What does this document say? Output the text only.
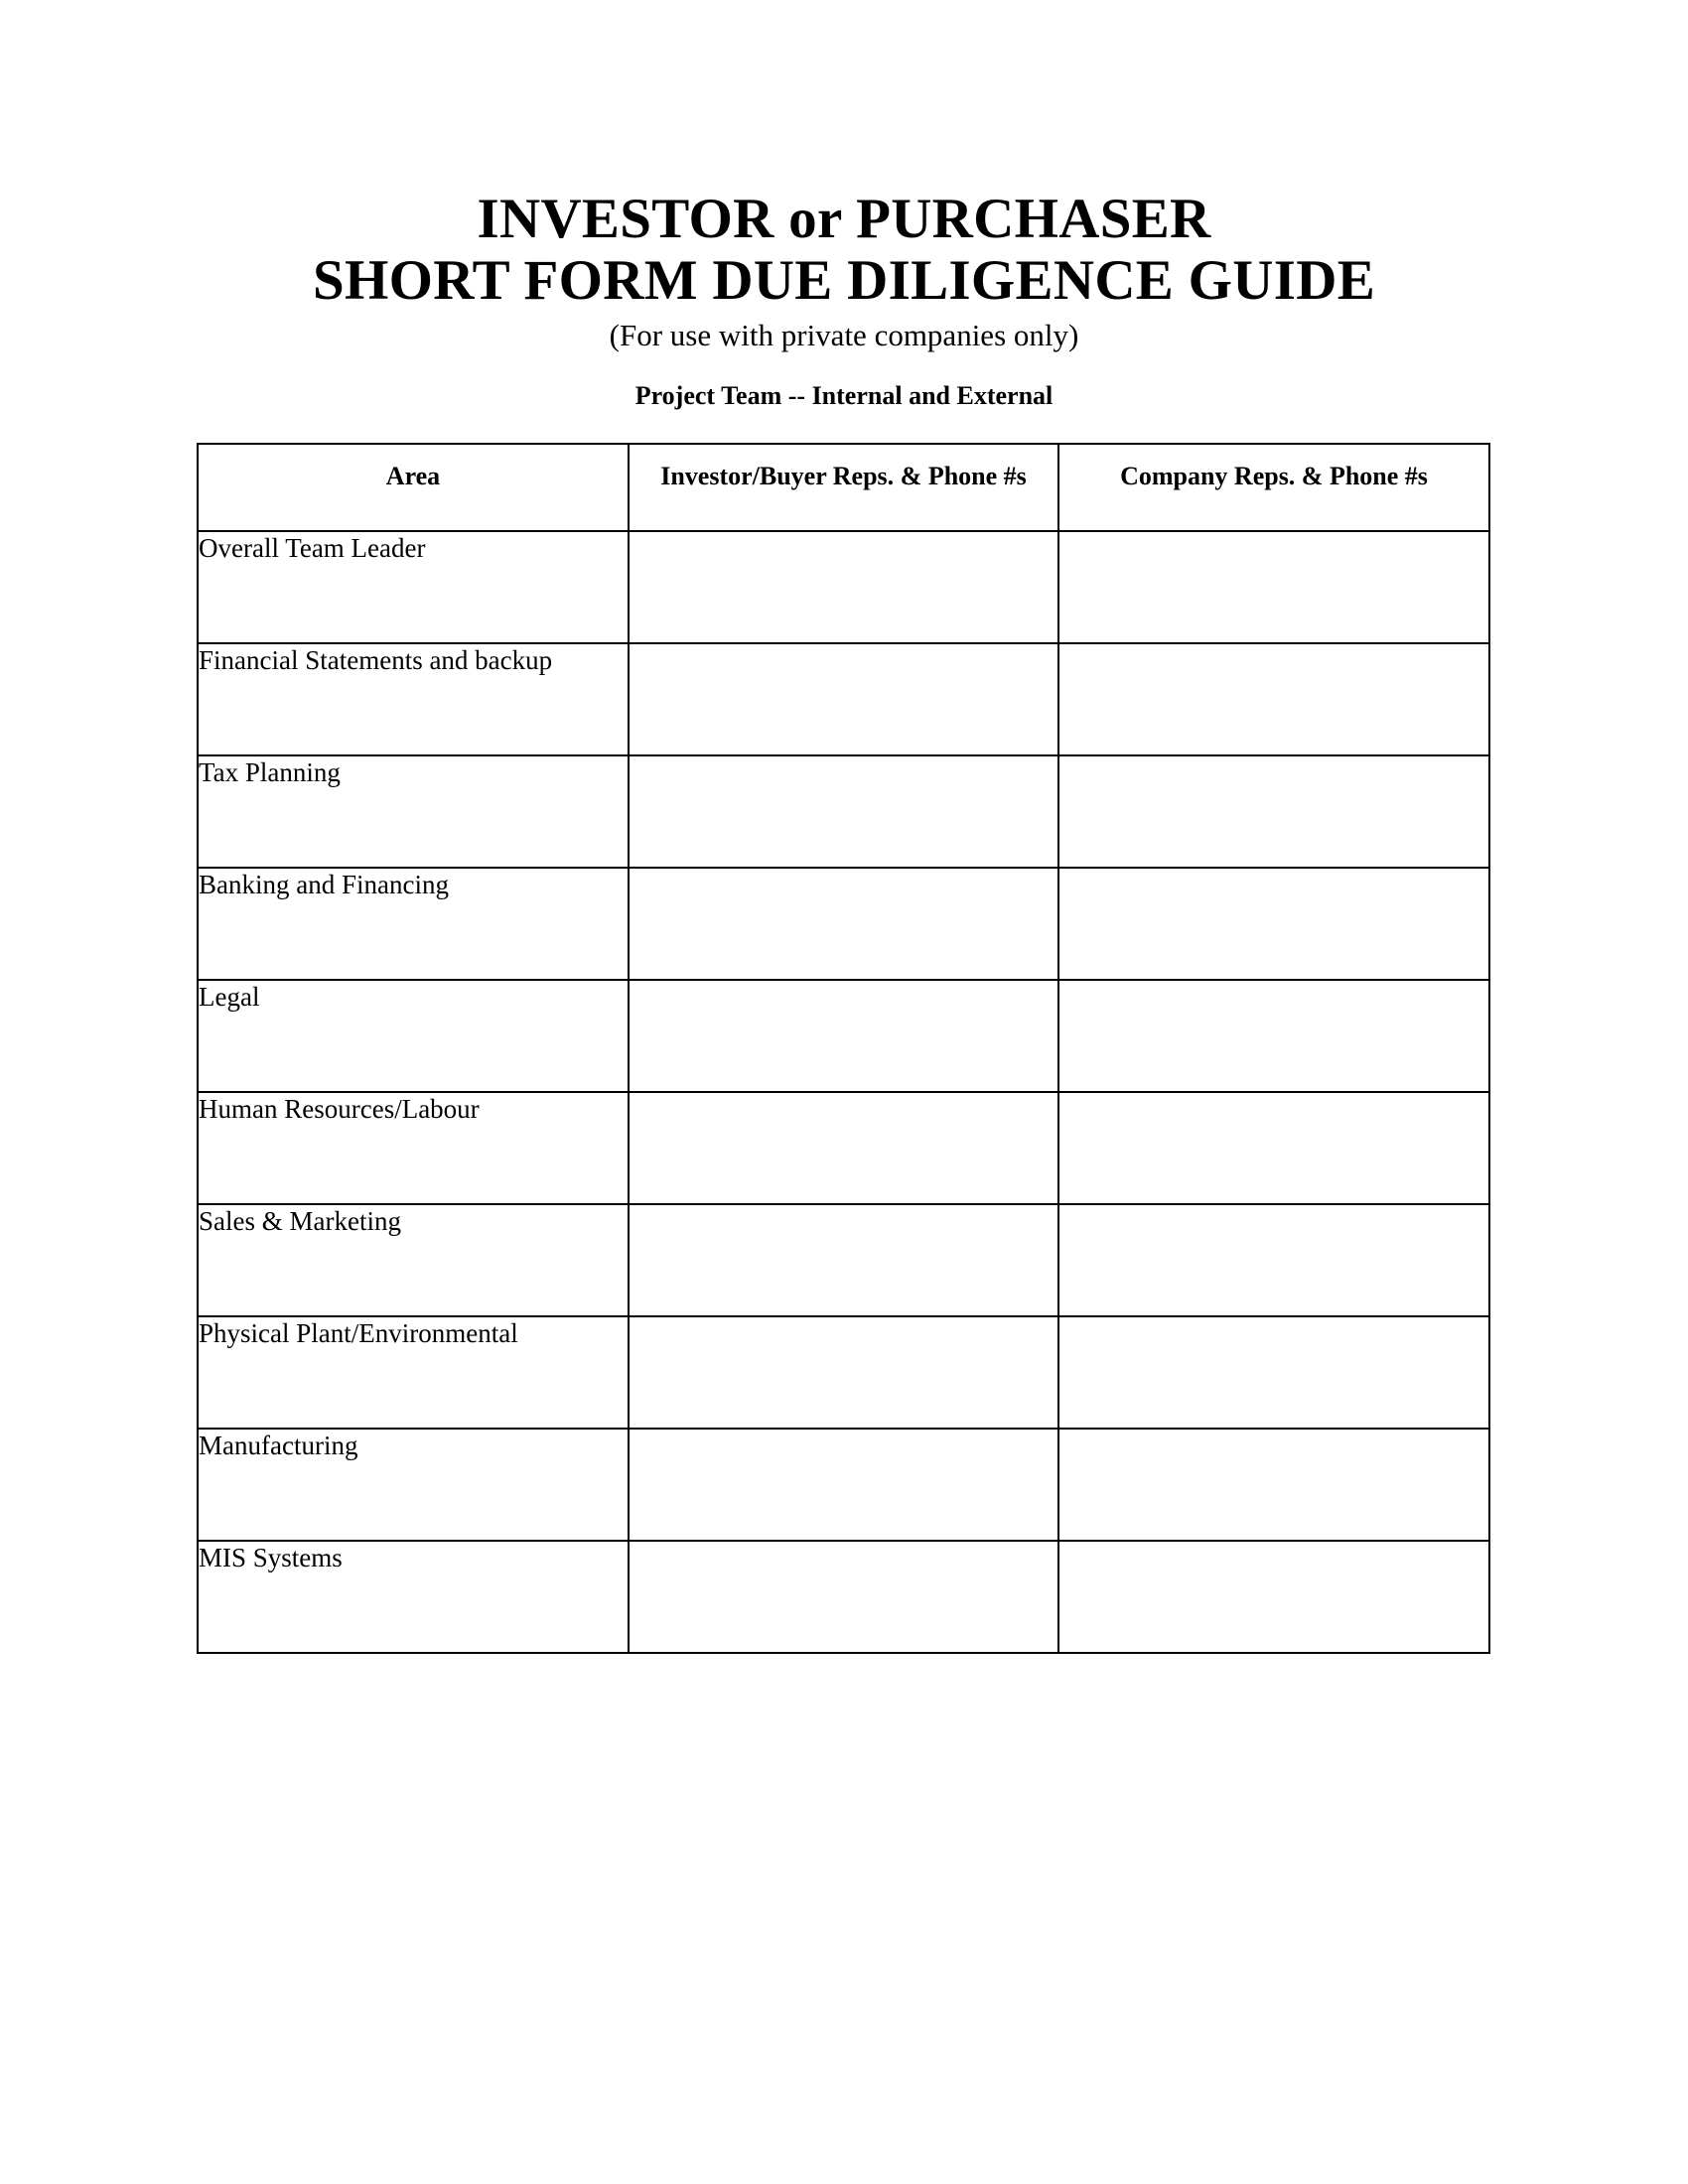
INVESTOR or PURCHASER
SHORT FORM DUE DILIGENCE GUIDE
(For use with private companies only)
Project Team -- Internal and External
Area	Investor/Buyer Reps. & Phone #s	Company Reps. & Phone #s
Overall Team Leader		
Financial Statements and backup		
Tax Planning		
Banking and Financing		
Legal		
Human Resources/Labour		
Sales & Marketing		
Physical Plant/Environmental		
Manufacturing		
MIS Systems		
